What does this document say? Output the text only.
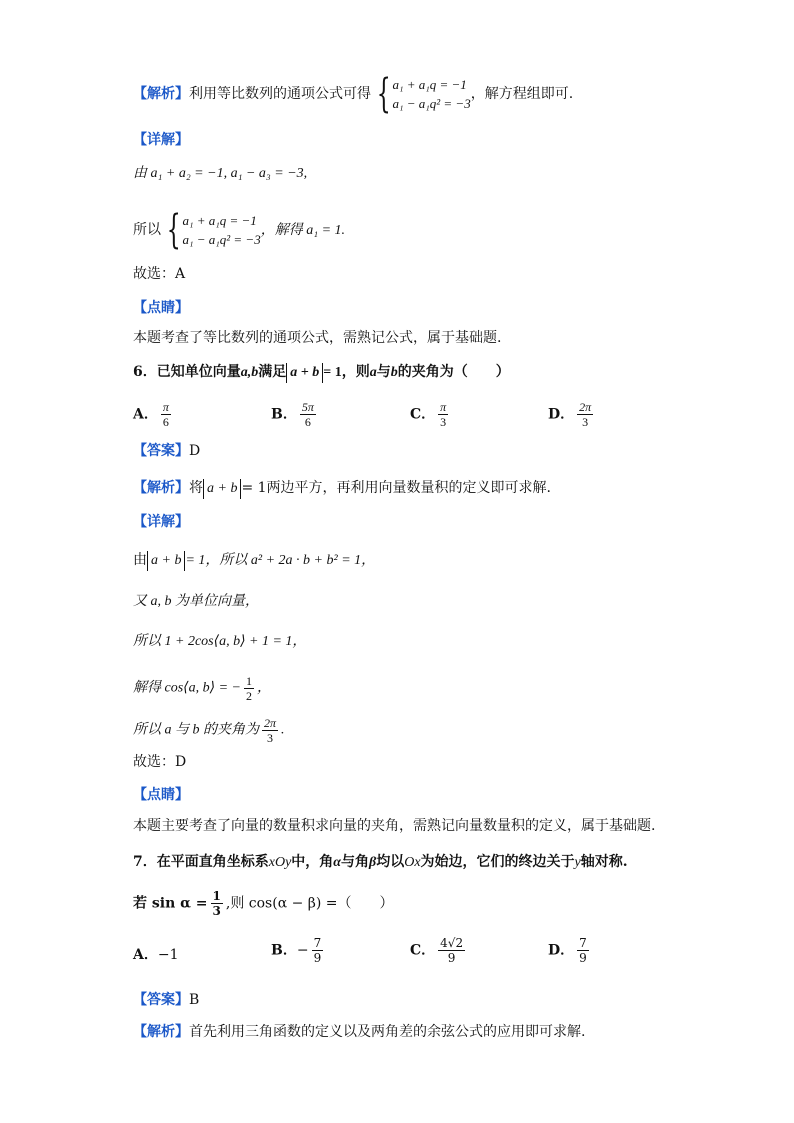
【解析】利用等比数列的通项公式可得 { a₁ + a₁q = −1
a₁ − a₁q² = −3
，解方程组即可.
【详解】
由 a₁ + a₂ = −1, a₁ − a₃ = −3,
所以 { a₁ + a₁q = −1
a₁ − a₁q² = −3
，解得 a₁ = 1.
故选：A
【点睛】
本题考查了等比数列的通项公式，需熟记公式，属于基础题.
6．已知单位向量a,b满足 a + b = 1，则a与b的夹角为（　　）
A． $\frac{\pi}{6}$	B． $\frac{5\pi}{6}$	C． $\frac{\pi}{3}$	D． $\frac{2\pi}{3}$
【答案】D
【解析】将 a + b = 1两边平方，再利用向量数量积的定义即可求解.
【详解】
由 a + b = 1，所以 a² + 2a · b + b² = 1，
又 a, b 为单位向量，
所以 1 + 2cos⟨a, b⟩ + 1 = 1，
解得 cos⟨a, b⟩ = − $\frac{1}{2}$ ，
所以 a 与 b 的夹角为 $\frac{2\pi}{3}$ .
故选：D
【点睛】
本题主要考查了向量的数量积求向量的夹角，需熟记向量数量积的定义，属于基础题.
7．在平面直角坐标系xOy中，角α与角β均以Ox为始边，它们的终边关于y轴对称.
若 $\sin \alpha = \frac{1}{3}$ ,则 cos(α − β) =（　　）
A．−1	B．− $\frac{7}{9}$	C． $\frac{4√2}{9}$	D． $\frac{7}{9}$
【答案】B
【解析】首先利用三角函数的定义以及两角差的余弦公式的应用即可求解.
